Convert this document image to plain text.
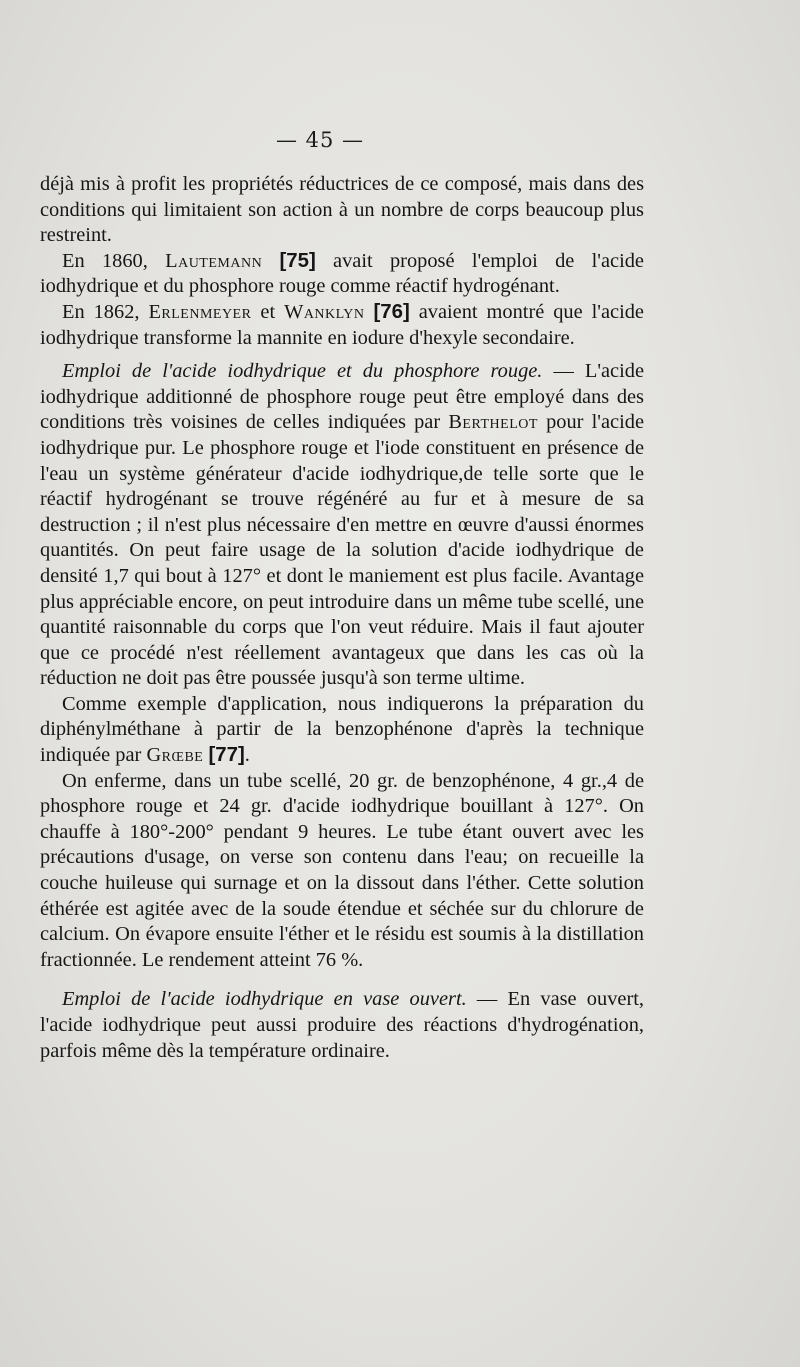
— 45 —

déjà mis à profit les propriétés réductrices de ce composé, mais dans des conditions qui limitaient son action à un nombre de corps beaucoup plus restreint.

En 1860, Lautemann [75] avait proposé l'emploi de l'acide iodhydrique et du phosphore rouge comme réactif hydrogénant.

En 1862, Erlenmeyer et Wanklyn [76] avaient montré que l'acide iodhydrique transforme la mannite en iodure d'hexyle secondaire.

Emploi de l'acide iodhydrique et du phosphore rouge. — L'acide iodhydrique additionné de phosphore rouge peut être employé dans des conditions très voisines de celles indiquées par Berthelot pour l'acide iodhydrique pur. Le phosphore rouge et l'iode constituent en présence de l'eau un système générateur d'acide iodhydrique,de telle sorte que le réactif hydrogénant se trouve régénéré au fur et à mesure de sa destruction ; il n'est plus nécessaire d'en mettre en œuvre d'aussi énormes quantités. On peut faire usage de la solution d'acide iodhydrique de densité 1,7 qui bout à 127° et dont le maniement est plus facile. Avantage plus appréciable encore, on peut introduire dans un même tube scellé, une quantité raisonnable du corps que l'on veut réduire. Mais il faut ajouter que ce procédé n'est réellement avantageux que dans les cas où la réduction ne doit pas être poussée jusqu'à son terme ultime.

Comme exemple d'application, nous indiquerons la préparation du diphénylméthane à partir de la benzophénone d'après la technique indiquée par Grœbe [77].

On enferme, dans un tube scellé, 20 gr. de benzophénone, 4 gr.,4 de phosphore rouge et 24 gr. d'acide iodhydrique bouillant à 127°. On chauffe à 180°-200° pendant 9 heures. Le tube étant ouvert avec les précautions d'usage, on verse son contenu dans l'eau; on recueille la couche huileuse qui surnage et on la dissout dans l'éther. Cette solution éthérée est agitée avec de la soude étendue et séchée sur du chlorure de calcium. On évapore ensuite l'éther et le résidu est soumis à la distillation fractionnée. Le rendement atteint 76 %.

Emploi de l'acide iodhydrique en vase ouvert. — En vase ouvert, l'acide iodhydrique peut aussi produire des réactions d'hydrogénation, parfois même dès la température ordinaire.
